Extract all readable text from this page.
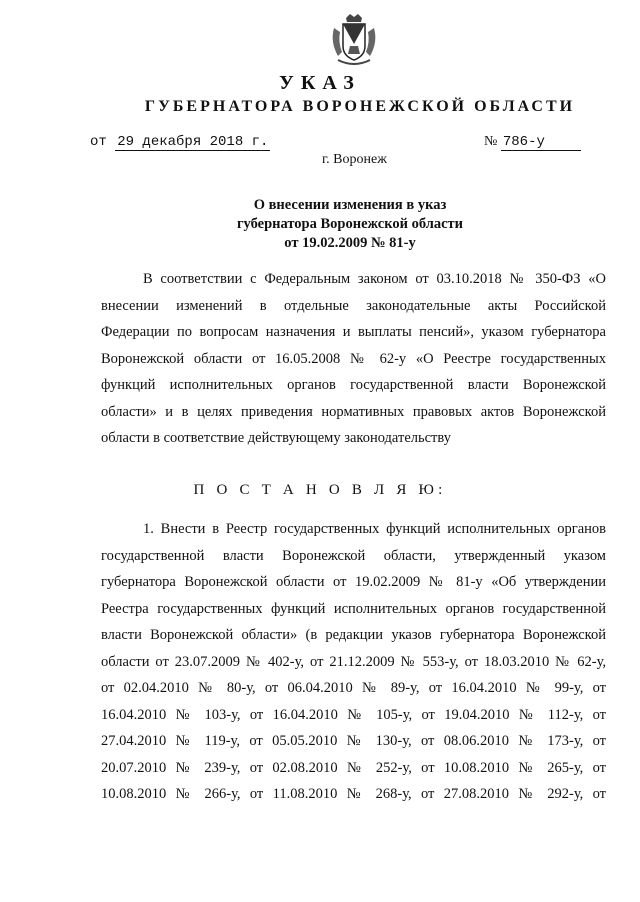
УКАЗ
ГУБЕРНАТОРА ВОРОНЕЖСКОЙ ОБЛАСТИ
от 29 декабря 2018 г.	№ 786-у
г. Воронеж
О внесении изменения в указ
губернатора Воронежской области
от 19.02.2009 № 81-у
В соответствии с Федеральным законом от 03.10.2018 № 350-ФЗ «О
внесении изменений в отдельные законодательные акты Российской
Федерации по вопросам назначения и выплаты пенсий», указом губернатора
Воронежской области от 16.05.2008 № 62-у «О Реестре государственных
функций исполнительных органов государственной власти Воронежской
области» и в целях приведения нормативных правовых актов Воронежской
области в соответствие действующему законодательству
П О С Т А Н О В Л Я Ю:
1. Внести в Реестр государственных функций исполнительных органов
государственной власти Воронежской области, утвержденный указом
губернатора Воронежской области от 19.02.2009 № 81-у «Об утверждении
Реестра государственных функций исполнительных органов государственной
власти Воронежской области» (в редакции указов губернатора Воронежской
области от 23.07.2009 № 402-у, от 21.12.2009 № 553-у, от 18.03.2010 № 62-у,
от 02.04.2010 № 80-у, от 06.04.2010 № 89-у, от 16.04.2010 № 99-у, от
16.04.2010 № 103-у, от 16.04.2010 № 105-у, от 19.04.2010 № 112-у, от
27.04.2010 № 119-у, от 05.05.2010 № 130-у, от 08.06.2010 № 173-у, от
20.07.2010 № 239-у, от 02.08.2010 № 252-у, от 10.08.2010 № 265-у, от
10.08.2010 № 266-у, от 11.08.2010 № 268-у, от 27.08.2010 № 292-у, от
